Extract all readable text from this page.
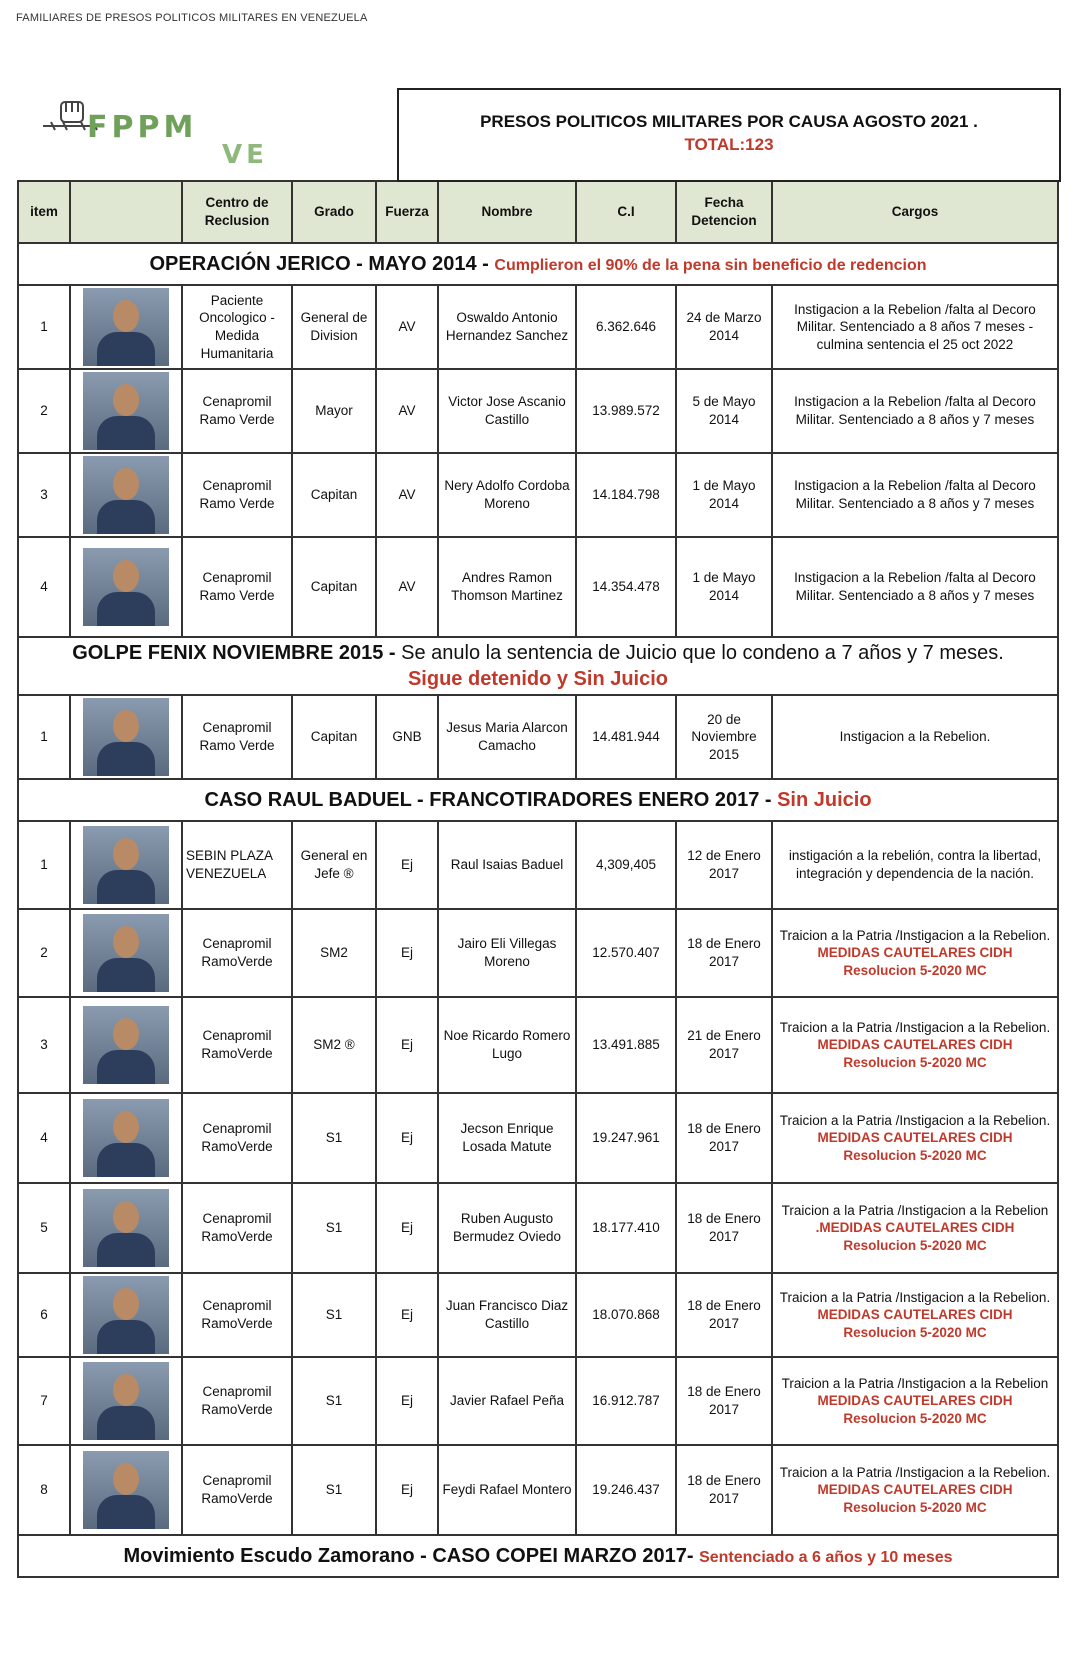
FAMILIARES DE PRESOS POLITICOS MILITARES EN VENEZUELA
FPPM
VE
PRESOS POLITICOS MILITARES POR CAUSA AGOSTO 2021 .
TOTAL:123
item		Centro de Reclusion	Grado	Fuerza	Nombre	C.I	Fecha Detencion	Cargos
OPERACIÓN JERICO - MAYO 2014 - Cumplieron el 90% de la pena sin beneficio de redencion								
1		Paciente Oncologico - Medida Humanitaria	General de Division	AV	Oswaldo Antonio Hernandez Sanchez	6.362.646	24 de Marzo 2014	Instigacion a la Rebelion /falta al Decoro Militar. Sentenciado a 8 años 7 meses - culmina sentencia el 25 oct 2022

2		Cenapromil Ramo Verde	Mayor	AV	Victor Jose Ascanio Castillo	13.989.572	5 de Mayo 2014	Instigacion a la Rebelion /falta al Decoro Militar. Sentenciado a 8 años y 7 meses

3		Cenapromil Ramo Verde	Capitan	AV	Nery Adolfo Cordoba Moreno	14.184.798	1 de Mayo 2014	Instigacion a la Rebelion /falta al Decoro Militar. Sentenciado a 8 años y 7 meses

4		Cenapromil Ramo Verde	Capitan	AV	Andres Ramon Thomson Martinez	14.354.478	1 de Mayo 2014	Instigacion a la Rebelion /falta al Decoro Militar. Sentenciado a 8 años y 7 meses

GOLPE FENIX NOVIEMBRE 2015 - Se anulo la sentencia de Juicio que lo condeno a 7 años y 7 meses.
Sigue detenido y Sin Juicio								
1		Cenapromil Ramo Verde	Capitan	GNB	Jesus Maria Alarcon Camacho	14.481.944	20 de Noviembre 2015	Instigacion a la Rebelion.

CASO RAUL BADUEL - FRANCOTIRADORES ENERO 2017 - Sin Juicio								
1		SEBIN PLAZA VENEZUELA	General en Jefe ®	Ej	Raul Isaias Baduel	4,309,405	12 de Enero 2017	instigación a la rebelión, contra la libertad, integración y dependencia de la nación.

2		Cenapromil RamoVerde	SM2	Ej	Jairo Eli Villegas Moreno	12.570.407	18 de Enero 2017	Traicion a la Patria /Instigacion a la Rebelion.
MEDIDAS CAUTELARES CIDH
Resolucion 5-2020 MC

3		Cenapromil RamoVerde	SM2 ®	Ej	Noe Ricardo Romero Lugo	13.491.885	21 de Enero 2017	Traicion a la Patria /Instigacion a la Rebelion.
MEDIDAS CAUTELARES CIDH
Resolucion 5-2020 MC

4		Cenapromil RamoVerde	S1	Ej	Jecson Enrique Losada Matute	19.247.961	18 de Enero 2017	Traicion a la Patria /Instigacion a la Rebelion.
MEDIDAS CAUTELARES CIDH
Resolucion 5-2020 MC

5		Cenapromil RamoVerde	S1	Ej	Ruben Augusto Bermudez Oviedo	18.177.410	18 de Enero 2017	Traicion a la Patria /Instigacion a la Rebelion
.MEDIDAS CAUTELARES CIDH
Resolucion 5-2020 MC

6		Cenapromil RamoVerde	S1	Ej	Juan Francisco Diaz Castillo	18.070.868	18 de Enero 2017	Traicion a la Patria /Instigacion a la Rebelion.
MEDIDAS CAUTELARES CIDH
Resolucion 5-2020 MC

7		Cenapromil RamoVerde	S1	Ej	Javier Rafael Peña	16.912.787	18 de Enero 2017	Traicion a la Patria /Instigacion a la Rebelion
MEDIDAS CAUTELARES CIDH
Resolucion 5-2020 MC

8		Cenapromil RamoVerde	S1	Ej	Feydi Rafael Montero	19.246.437	18 de Enero 2017	Traicion a la Patria /Instigacion a la Rebelion.
MEDIDAS CAUTELARES CIDH
Resolucion 5-2020 MC

Movimiento Escudo Zamorano - CASO COPEI MARZO 2017- Sentenciado a 6 años y 10 meses								
